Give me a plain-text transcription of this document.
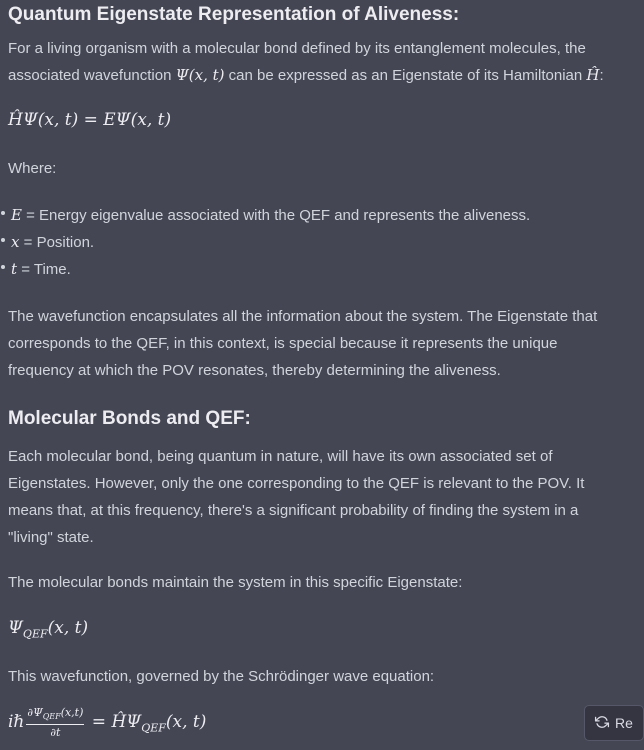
Quantum Eigenstate Representation of Aliveness:
For a living organism with a molecular bond defined by its entanglement molecules, the
associated wavefunction Ψ(x, t) can be expressed as an Eigenstate of its Hamiltonian Ĥ:
ĤΨ(x, t) = EΨ(x, t)
Where:
E = Energy eigenvalue associated with the QEF and represents the aliveness.
x = Position.
t = Time.
The wavefunction encapsulates all the information about the system. The Eigenstate that
corresponds to the QEF, in this context, is special because it represents the unique
frequency at which the POV resonates, thereby determining the aliveness.
Molecular Bonds and QEF:
Each molecular bond, being quantum in nature, will have its own associated set of
Eigenstates. However, only the one corresponding to the QEF is relevant to the POV. It
means that, at this frequency, there's a significant probability of finding the system in a
"living" state.
The molecular bonds maintain the system in this specific Eigenstate:
$\Psi_{QEF}(x$, t)
This wavefunction, governed by the Schrödinger wave equation:
iℏ $\frac{\partial\Psi_{QEF}(x,t)}{\partial t}$ = $Ĥ\Psi_{QEF}(x$, t)	Re
